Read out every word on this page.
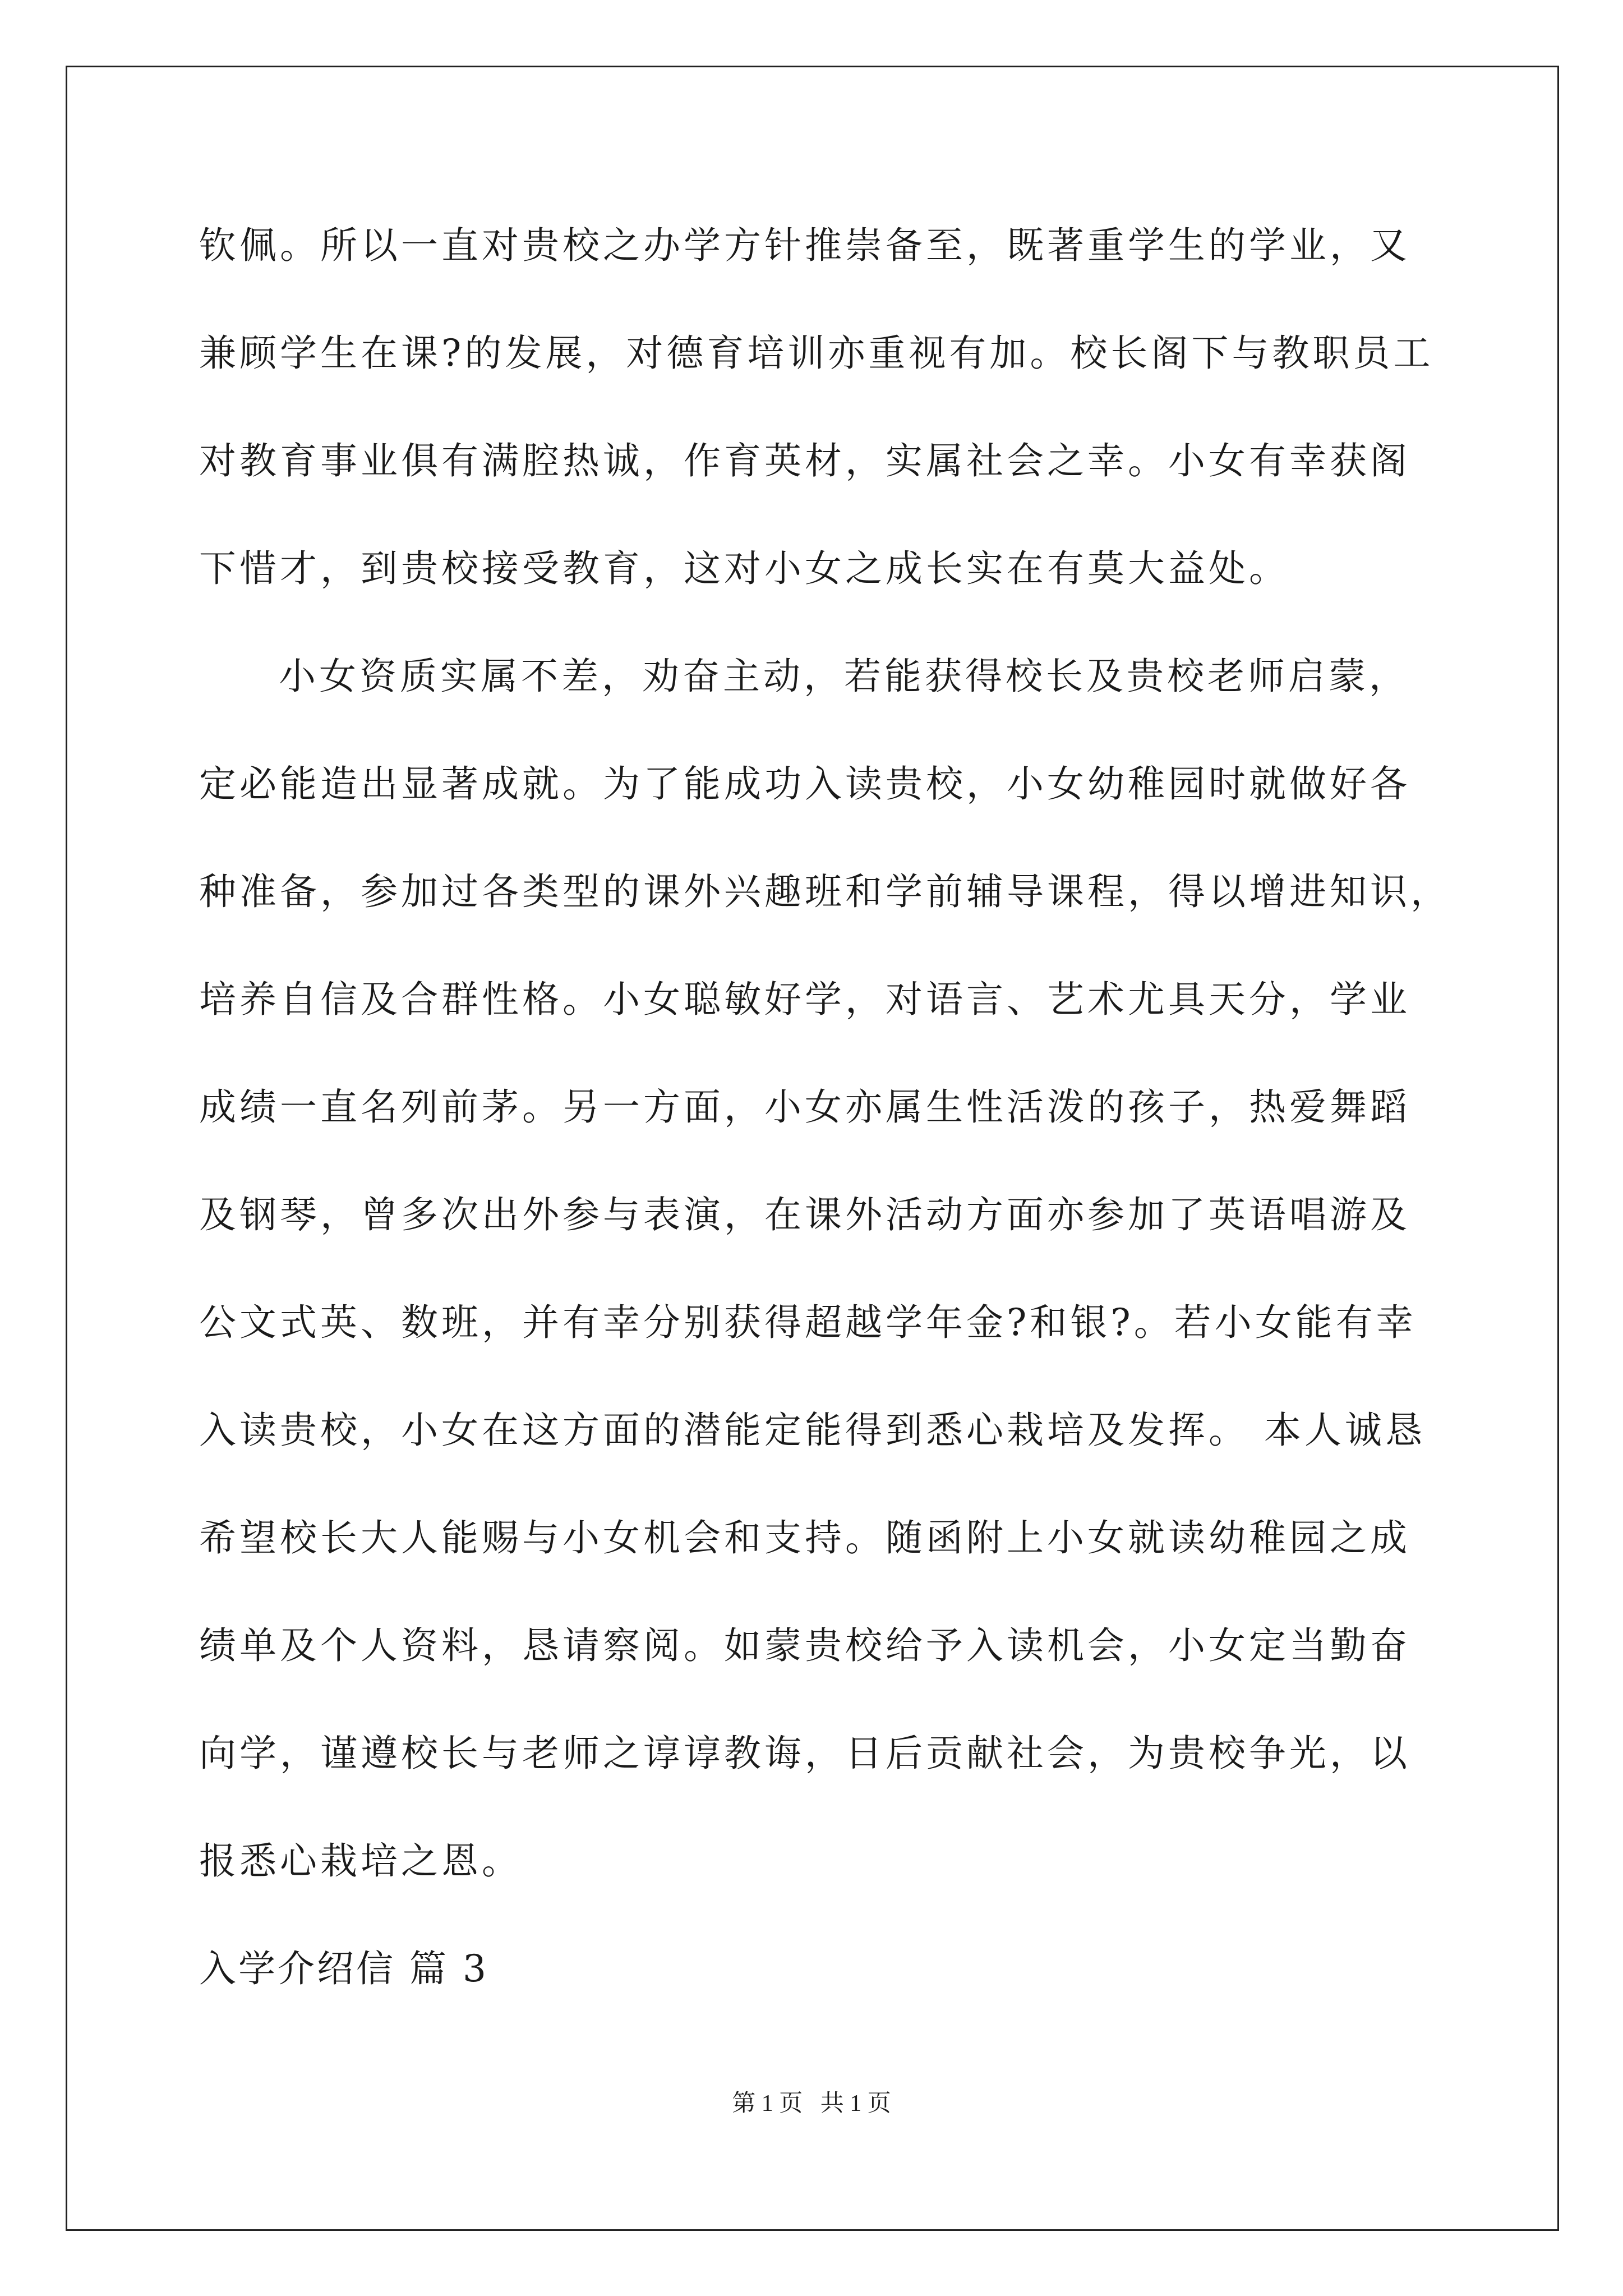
钦佩。所以一直对贵校之办学方针推崇备至，既著重学生的学业，又
兼顾学生在课?的发展，对德育培训亦重视有加。校长阁下与教职员工
对教育事业俱有满腔热诚，作育英材，实属社会之幸。小女有幸获阁
下惜才，到贵校接受教育，这对小女之成长实在有莫大益处。
小女资质实属不差，劝奋主动，若能获得校长及贵校老师启蒙，
定必能造出显著成就。为了能成功入读贵校，小女幼稚园时就做好各
种准备，参加过各类型的课外兴趣班和学前辅导课程，得以增进知识，
培养自信及合群性格。小女聪敏好学，对语言、艺术尤具天分，学业
成绩一直名列前茅。另一方面，小女亦属生性活泼的孩子，热爱舞蹈
及钢琴，曾多次出外参与表演，在课外活动方面亦参加了英语唱游及
公文式英、数班，并有幸分别获得超越学年金?和银?。若小女能有幸
入读贵校，小女在这方面的潜能定能得到悉心栽培及发挥。 本人诚恳
希望校长大人能赐与小女机会和支持。随函附上小女就读幼稚园之成
绩单及个人资料，恳请察阅。如蒙贵校给予入读机会，小女定当勤奋
向学，谨遵校长与老师之谆谆教诲，日后贡献社会，为贵校争光，以
报悉心栽培之恩。
入学介绍信 篇 3
第 1 页   共 1 页
